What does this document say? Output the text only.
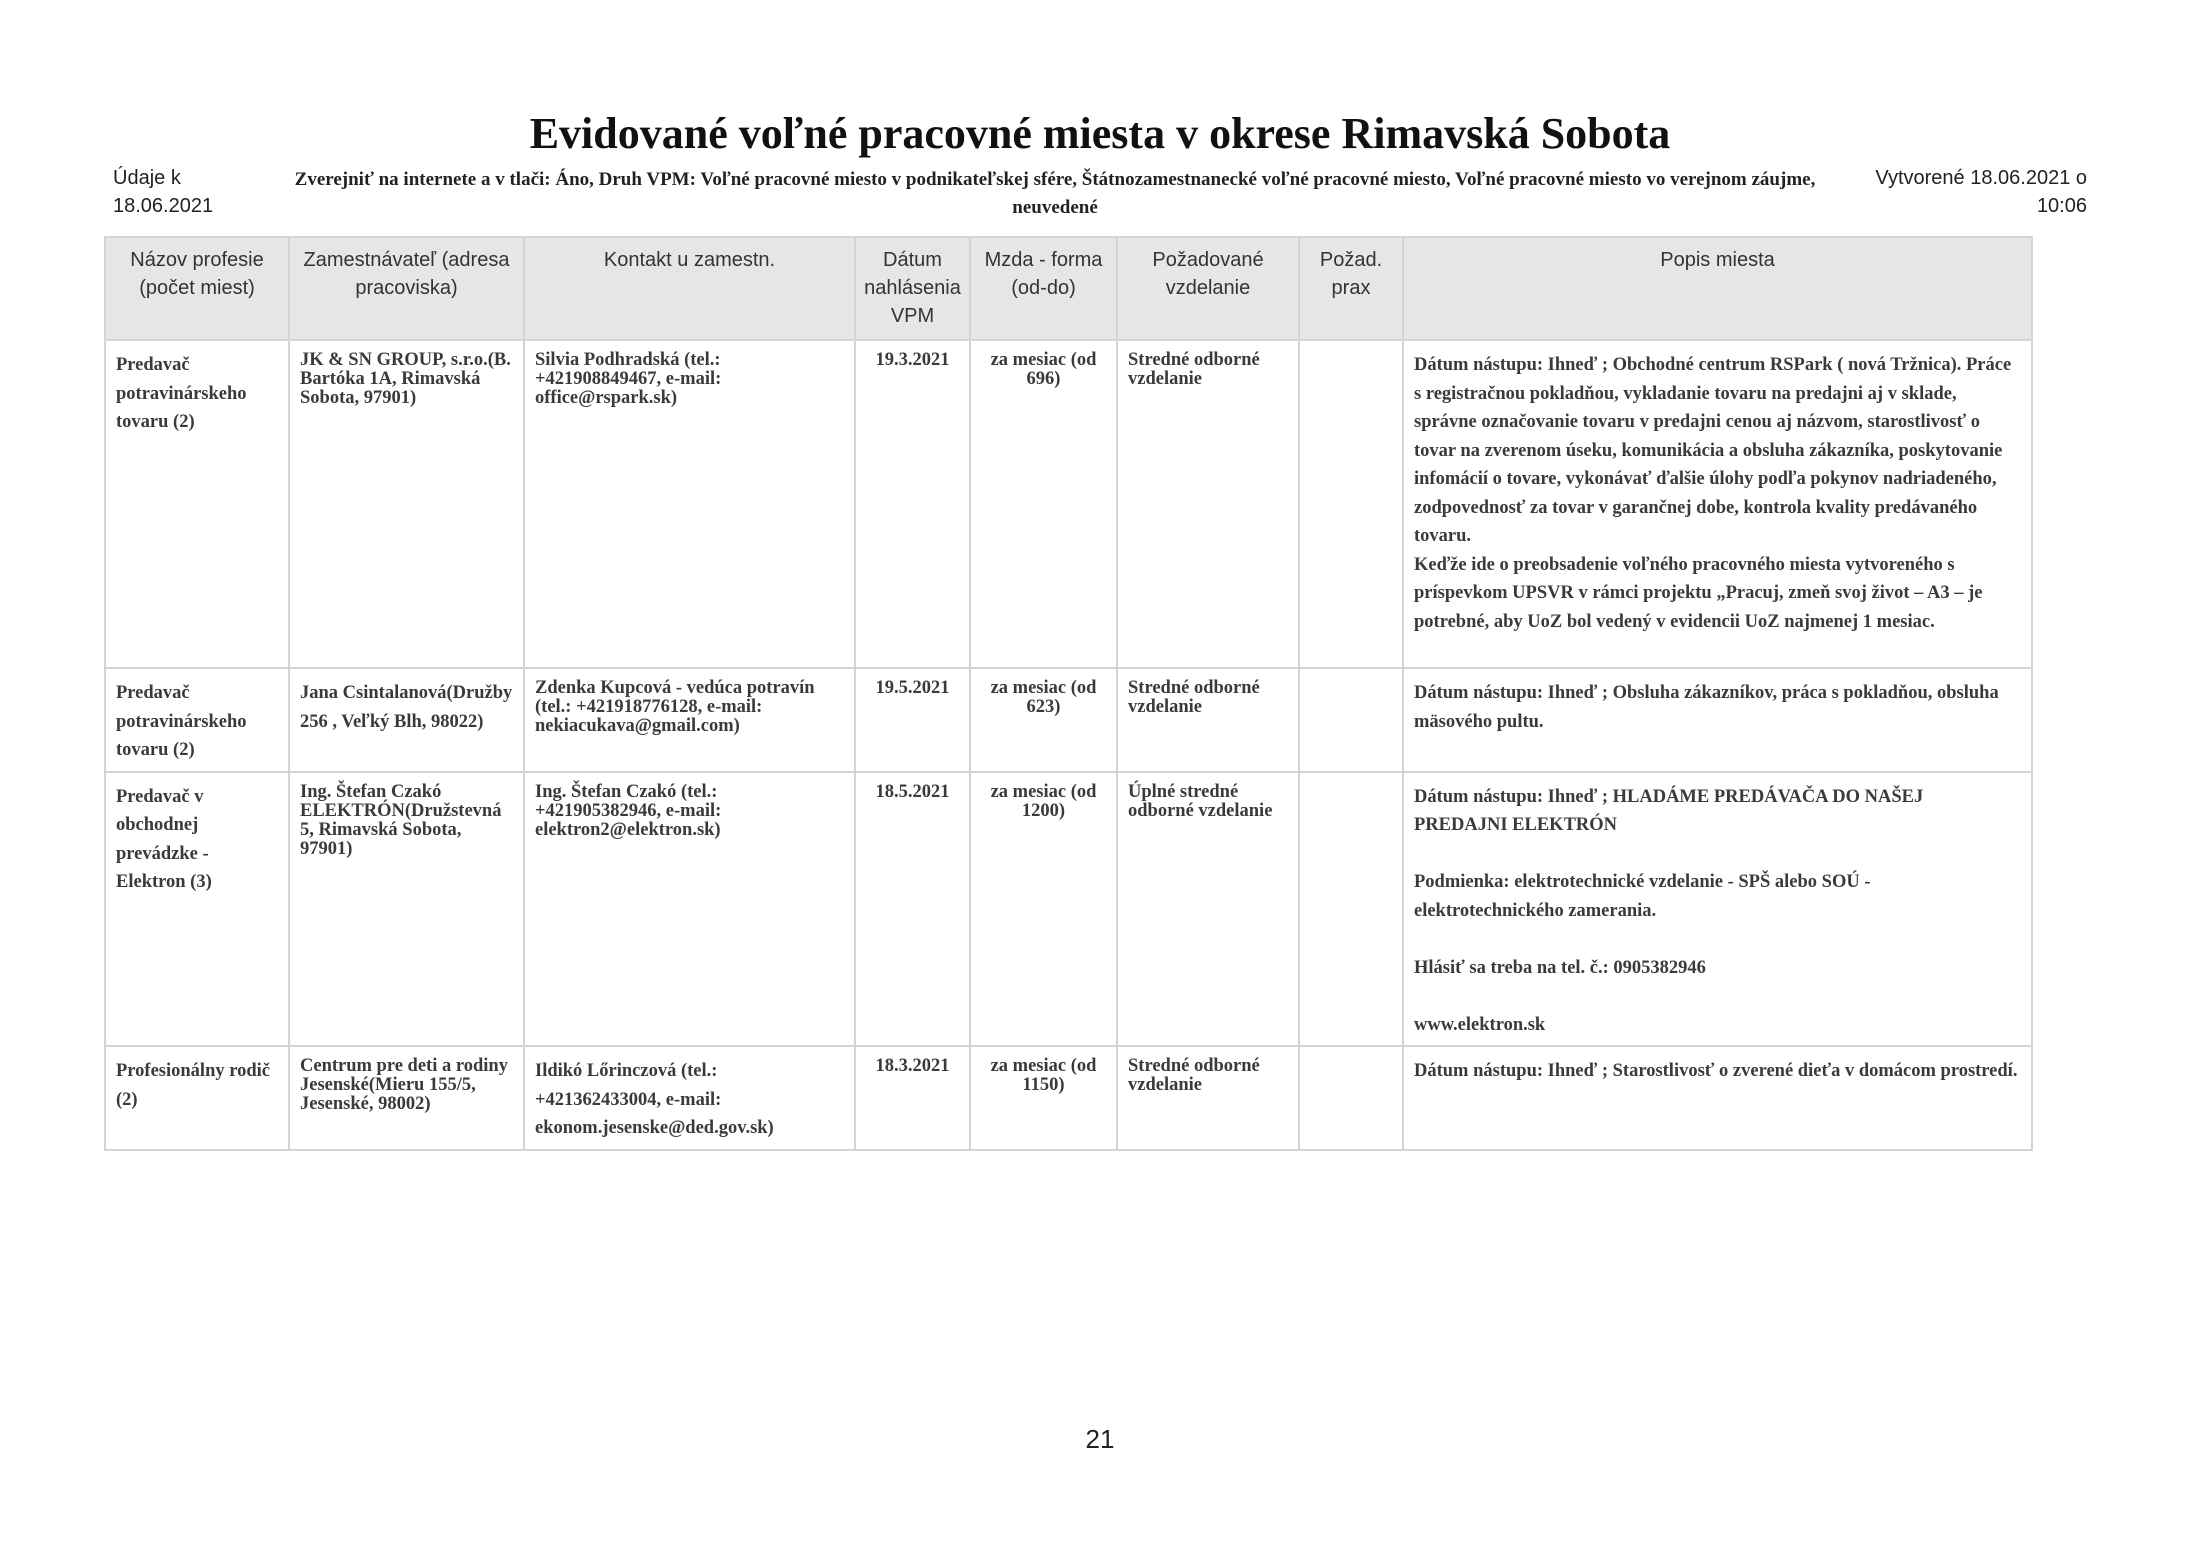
Evidované voľné pracovné miesta v okrese Rimavská Sobota
Údaje k
18.06.2021
Zverejniť na internete a v tlači: Áno, Druh VPM: Voľné pracovné miesto v podnikateľskej sfére, Štátnozamestnanecké voľné pracovné miesto, Voľné pracovné miesto vo verejnom záujme, neuvedené
Vytvorené 18.06.2021 o
10:06
Názov profesie (počet miest)	Zamestnávateľ (adresa pracoviska)	Kontakt u zamestn.	Dátum nahlásenia VPM	Mzda - forma (od-do)	Požadované vzdelanie	Požad. prax	Popis miesta
Predavač potravinárskeho tovaru (2)	JK & SN GROUP, s.r.o.(B. Bartóka 1A, Rimavská Sobota, 97901)	Silvia Podhradská (tel.: +421908849467, e-mail: office@rspark.sk)	19.3.2021	za mesiac (od 696)	Stredné odborné vzdelanie		Dátum nástupu: Ihneď ; Obchodné centrum RSPark ( nová Tržnica). Práce s registračnou pokladňou, vykladanie tovaru na predajni aj v sklade, správne označovanie tovaru v predajni cenou aj názvom, starostlivosť o tovar na zverenom úseku, komunikácia a obsluha zákazníka, poskytovanie infomácií o tovare, vykonávať ďalšie úlohy podľa pokynov nadriadeného, zodpovednosť za tovar v garančnej dobe, kontrola kvality predávaného tovaru.

Keďže ide o preobsadenie voľného pracovného miesta vytvoreného s príspevkom UPSVR v rámci projektu „Pracuj, zmeň svoj život – A3 – je potrebné, aby UoZ bol vedený v evidencii UoZ najmenej 1 mesiac.

Predavač potravinárskeho tovaru (2)	Jana Csintalanová(Družby 256 , Veľký Blh, 98022)	Zdenka Kupcová - vedúca potravín (tel.: +421918776128, e-mail: nekiacukava@gmail.com)	19.5.2021	za mesiac (od 623)	Stredné odborné vzdelanie		Dátum nástupu: Ihneď ; Obsluha zákazníkov, práca s pokladňou, obsluha mäsového pultu.

Predavač v obchodnej prevádzke - Elektron (3)	Ing. Štefan Czakó ELEKTRÓN(Družstevná 5, Rimavská Sobota, 97901)	Ing. Štefan Czakó (tel.: +421905382946, e-mail: elektron2@elektron.sk)	18.5.2021	za mesiac (od 1200)	Úplné stredné odborné vzdelanie		Dátum nástupu: Ihneď ; HLADÁME PREDÁVAČA DO NAŠEJ PREDAJNI ELEKTRÓN

Podmienka: elektrotechnické vzdelanie - SPŠ alebo SOÚ - elektrotechnického zamerania.

Hlásiť sa treba na tel. č.: 0905382946

www.elektron.sk

Profesionálny rodič (2)	Centrum pre deti a rodiny Jesenské(Mieru 155/5, Jesenské, 98002)	Ildikó Lőrinczová (tel.: +421362433004, e-mail: ekonom.jesenske@ded.gov.sk)	18.3.2021	za mesiac (od 1150)	Stredné odborné vzdelanie		Dátum nástupu: Ihneď ; Starostlivosť o zverené dieťa v domácom prostredí.

21
